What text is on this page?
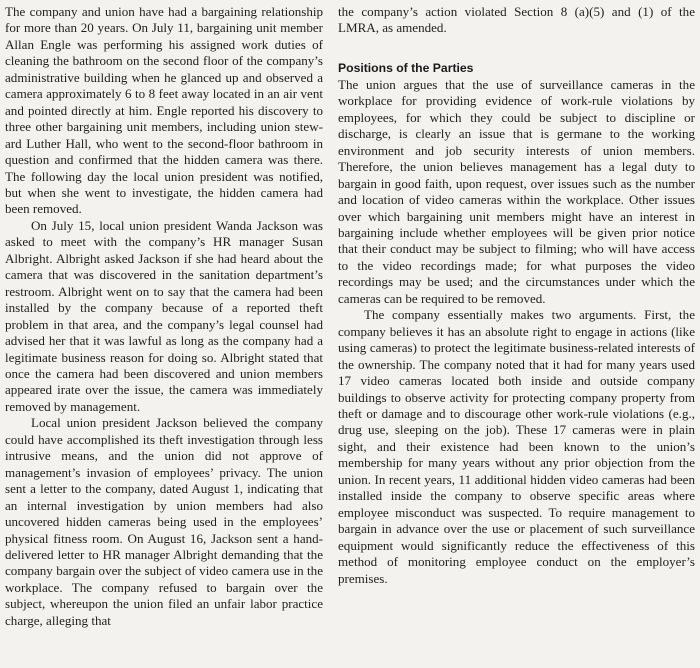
The company and union have had a bargaining relationship for more than 20 years. On July 11, bargaining unit member Allan Engle was performing his assigned work duties of cleaning the bathroom on the second floor of the company’s administrative building when he glanced up and observed a camera approximately 6 to 8 feet away located in an air vent and pointed directly at him. Engle reported his discovery to three other bargaining unit members, including union steward Luther Hall, who went to the second-floor bathroom in question and confirmed that the hidden camera was there. The following day the local union president was notified, but when she went to investigate, the hidden camera had been removed.

On July 15, local union president Wanda Jackson was asked to meet with the company’s HR manager Susan Albright. Albright asked Jackson if she had heard about the camera that was discovered in the sanitation department’s restroom. Albright went on to say that the camera had been installed by the company because of a reported theft problem in that area, and the company’s legal counsel had advised her that it was lawful as long as the company had a legitimate business reason for doing so. Albright stated that once the camera had been discovered and union members appeared irate over the issue, the camera was immediately removed by management.

Local union president Jackson believed the company could have accomplished its theft investigation through less intrusive means, and the union did not approve of management’s invasion of employees’ privacy. The union sent a letter to the company, dated August 1, indicating that an internal investigation by union members had also uncovered hidden cameras being used in the employees’ physical fitness room. On August 16, Jackson sent a hand-delivered letter to HR manager Albright demanding that the company bargain over the subject of video camera use in the workplace. The company refused to bargain over the subject, whereupon the union filed an unfair labor practice charge, alleging that

the company’s action violated Section 8 (a)(5) and (1) of the LMRA, as amended.

Positions of the Parties

The union argues that the use of surveillance cameras in the workplace for providing evidence of work-rule violations by employees, for which they could be subject to discipline or discharge, is clearly an issue that is germane to the working environment and job security interests of union members. Therefore, the union believes management has a legal duty to bargain in good faith, upon request, over issues such as the number and location of video cameras within the workplace. Other issues over which bargaining unit members might have an interest in bargaining include whether employees will be given prior notice that their conduct may be subject to filming; who will have access to the video recordings made; for what purposes the video recordings may be used; and the circumstances under which the cameras can be required to be removed.

The company essentially makes two arguments. First, the company believes it has an absolute right to engage in actions (like using cameras) to protect the legitimate business-related interests of the ownership. The company noted that it had for many years used 17 video cameras located both inside and outside company buildings to observe activity for protecting company property from theft or damage and to discourage other work-rule violations (e.g., drug use, sleeping on the job). These 17 cameras were in plain sight, and their existence had been known to the union’s membership for many years without any prior objection from the union. In recent years, 11 additional hidden video cameras had been installed inside the company to observe specific areas where employee misconduct was suspected. To require management to bargain in advance over the use or placement of such surveillance equipment would significantly reduce the effectiveness of this method of monitoring employee conduct on the employer’s premises.
